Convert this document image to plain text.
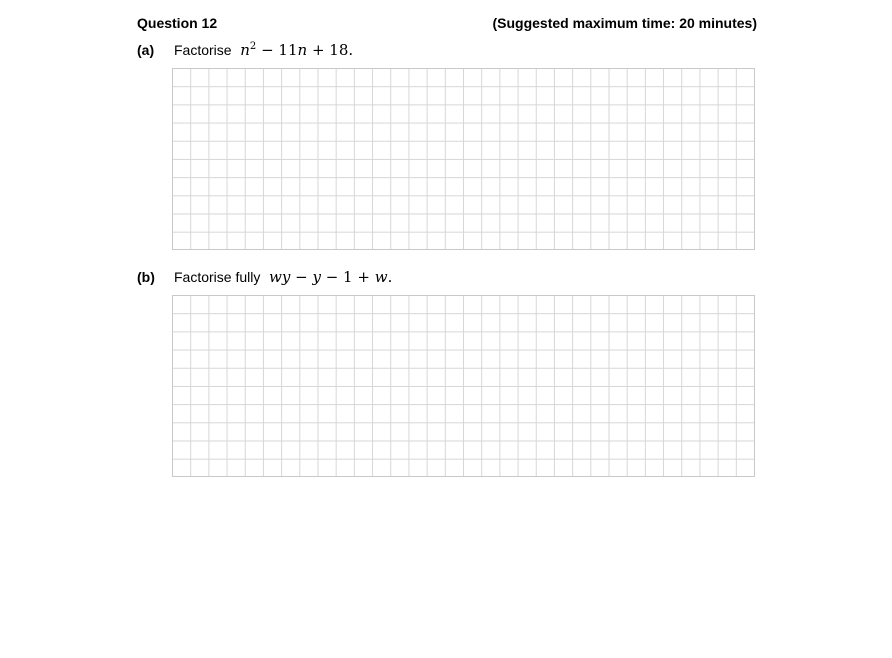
Question 12	(Suggested maximum time: 20 minutes)
(a) Factorise $n^2 - 11n + 18$.
(b) Factorise fully wy − y − 1 + w.
